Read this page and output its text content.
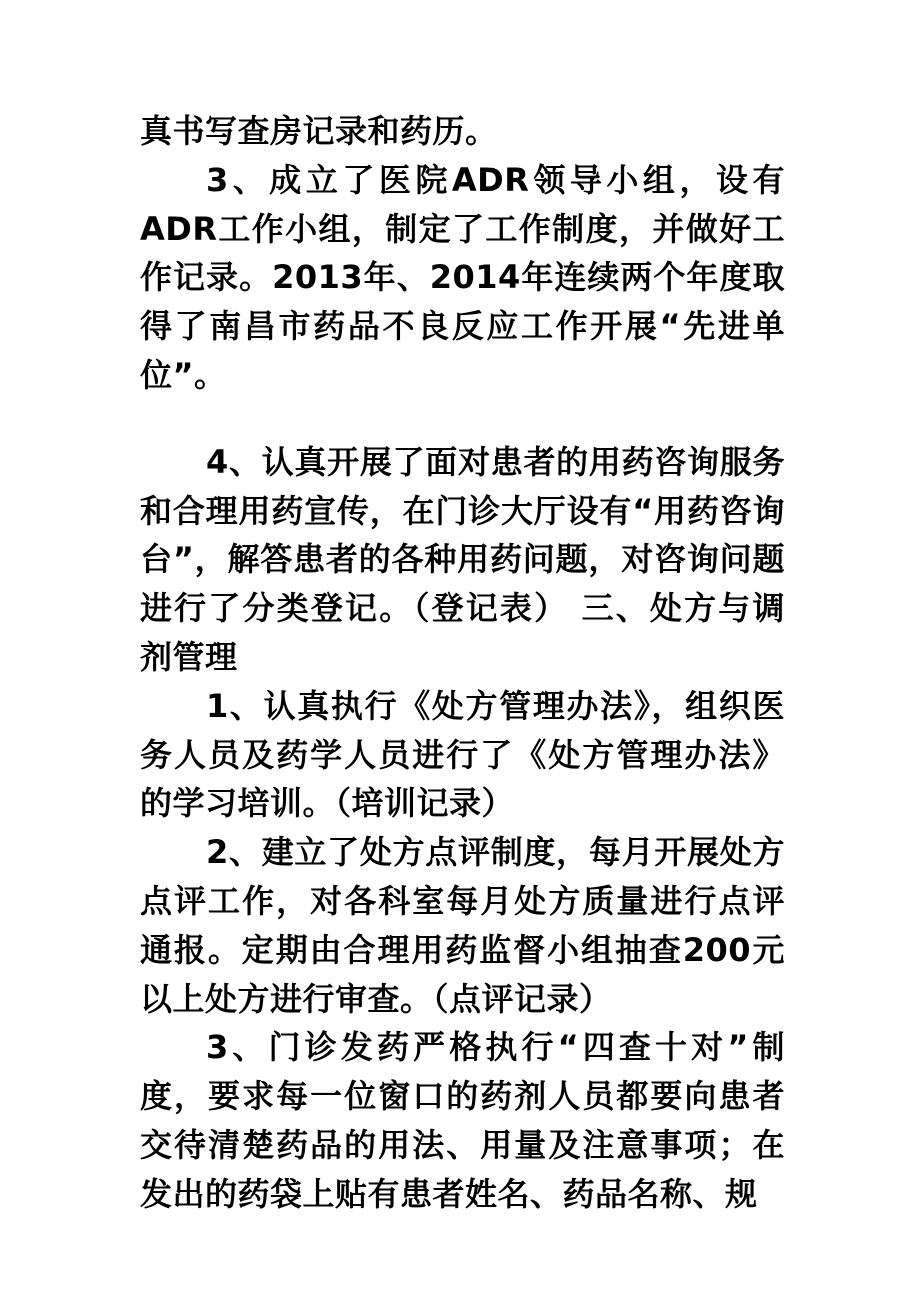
真书写查房记录和药历。

3、成立了医院ADR领导小组，设有ADR工作小组，制定了工作制度，并做好工作记录。2013年、2014年连续两个年度取得了南昌市药品不良反应工作开展“先进单位”。

4、认真开展了面对患者的用药咨询服务和合理用药宣传，在门诊大厅设有“用药咨询台”，解答患者的各种用药问题，对咨询问题进行了分类登记。（登记表） 三、处方与调剂管理

1、认真执行《处方管理办法》，组织医务人员及药学人员进行了《处方管理办法》的学习培训。（培训记录）

2、建立了处方点评制度，每月开展处方点评工作，对各科室每月处方质量进行点评通报。定期由合理用药监督小组抽查200元以上处方进行审查。（点评记录）

3、门诊发药严格执行“四查十对”制度，要求每一位窗口的药剂人员都要向患者交待清楚药品的用法、用量及注意事项；在发出的药袋上贴有患者姓名、药品名称、规
